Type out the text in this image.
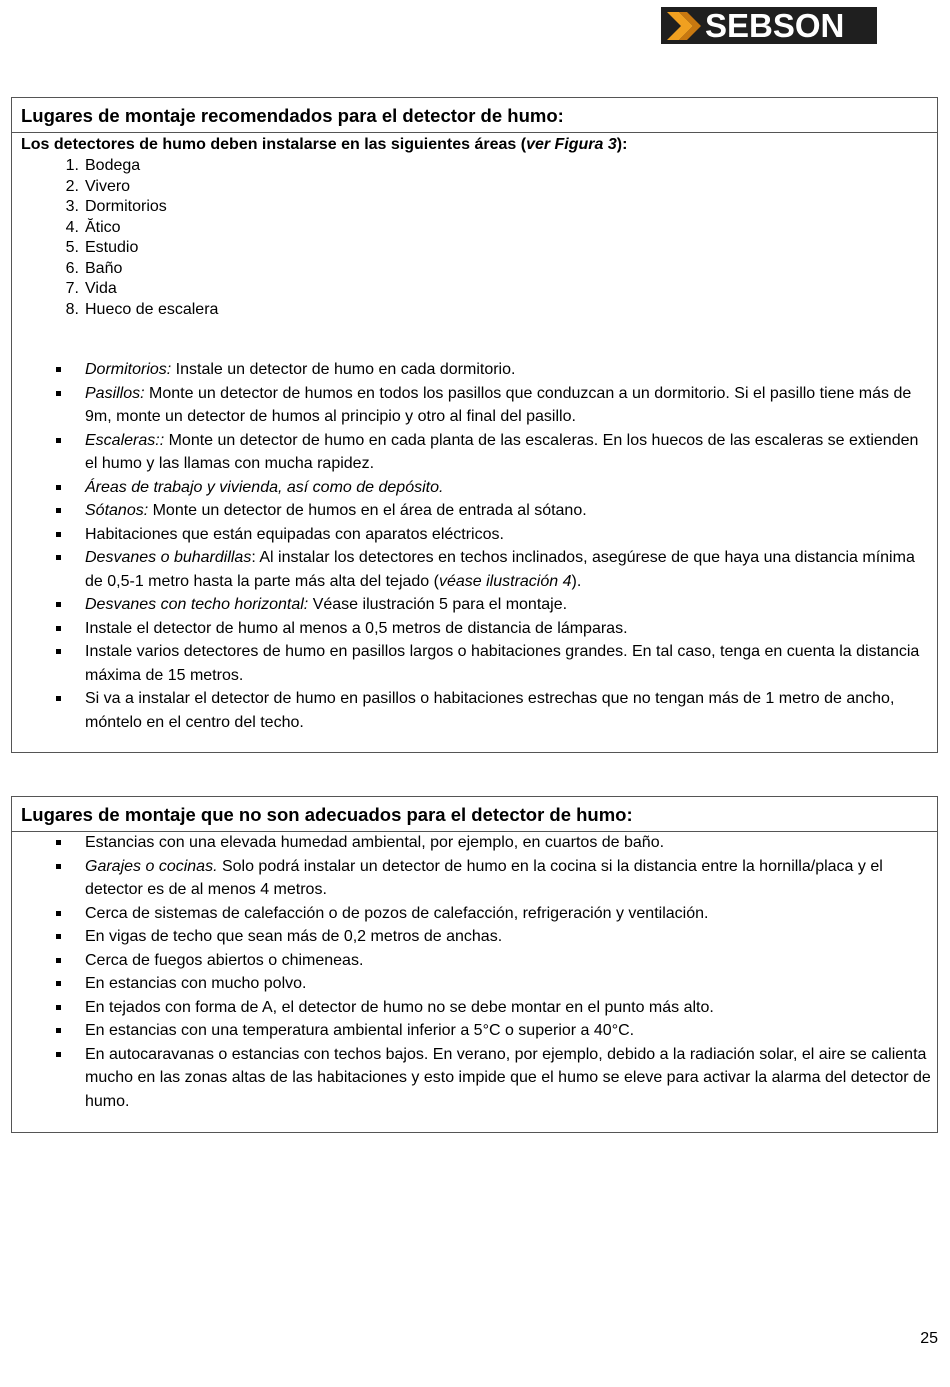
SEBSON
Lugares de montaje recomendados para el detector de humo:
Los detectores de humo deben instalarse en las siguientes áreas (ver Figura 3):
1. Bodega
2. Vivero
3. Dormitorios
4. Ătico
5. Estudio
6. Baño
7. Vida
8. Hueco de escalera
Dormitorios: Instale un detector de humo en cada dormitorio.
Pasillos: Monte un detector de humos en todos los pasillos que conduzcan a un dormitorio. Si el pasillo tiene más de 9m, monte un detector de humos al principio y otro al final del pasillo.
Escaleras:: Monte un detector de humo en cada planta de las escaleras. En los huecos de las escaleras se extienden el humo y las llamas con mucha rapidez.
Áreas de trabajo y vivienda, así como de depósito.
Sótanos: Monte un detector de humos en el área de entrada al sótano.
Habitaciones que están equipadas con aparatos eléctricos.
Desvanes o buhardillas: Al instalar los detectores en techos inclinados, asegúrese de que haya una distancia mínima de 0,5-1 metro hasta la parte más alta del tejado (véase ilustración 4).
Desvanes con techo horizontal: Véase ilustración 5 para el montaje.
Instale el detector de humo al menos a 0,5 metros de distancia de lámparas.
Instale varios detectores de humo en pasillos largos o habitaciones grandes. En tal caso, tenga en cuenta la distancia máxima de 15 metros.
Si va a instalar el detector de humo en pasillos o habitaciones estrechas que no tengan más de 1 metro de ancho, móntelo en el centro del techo.
Lugares de montaje que no son adecuados para el detector de humo:
Estancias con una elevada humedad ambiental, por ejemplo, en cuartos de baño.
Garajes o cocinas. Solo podrá instalar un detector de humo en la cocina si la distancia entre la hornilla/placa y el detector es de al menos 4 metros.
Cerca de sistemas de calefacción o de pozos de calefacción, refrigeración y ventilación.
En vigas de techo que sean más de 0,2 metros de anchas.
Cerca de fuegos abiertos o chimeneas.
En estancias con mucho polvo.
En tejados con forma de A, el detector de humo no se debe montar en el punto más alto.
En estancias con una temperatura ambiental inferior a 5°C o superior a 40°C.
En autocaravanas o estancias con techos bajos. En verano, por ejemplo, debido a la radiación solar, el aire se calienta mucho en las zonas altas de las habitaciones y esto impide que el humo se eleve para activar la alarma del detector de humo.
25
